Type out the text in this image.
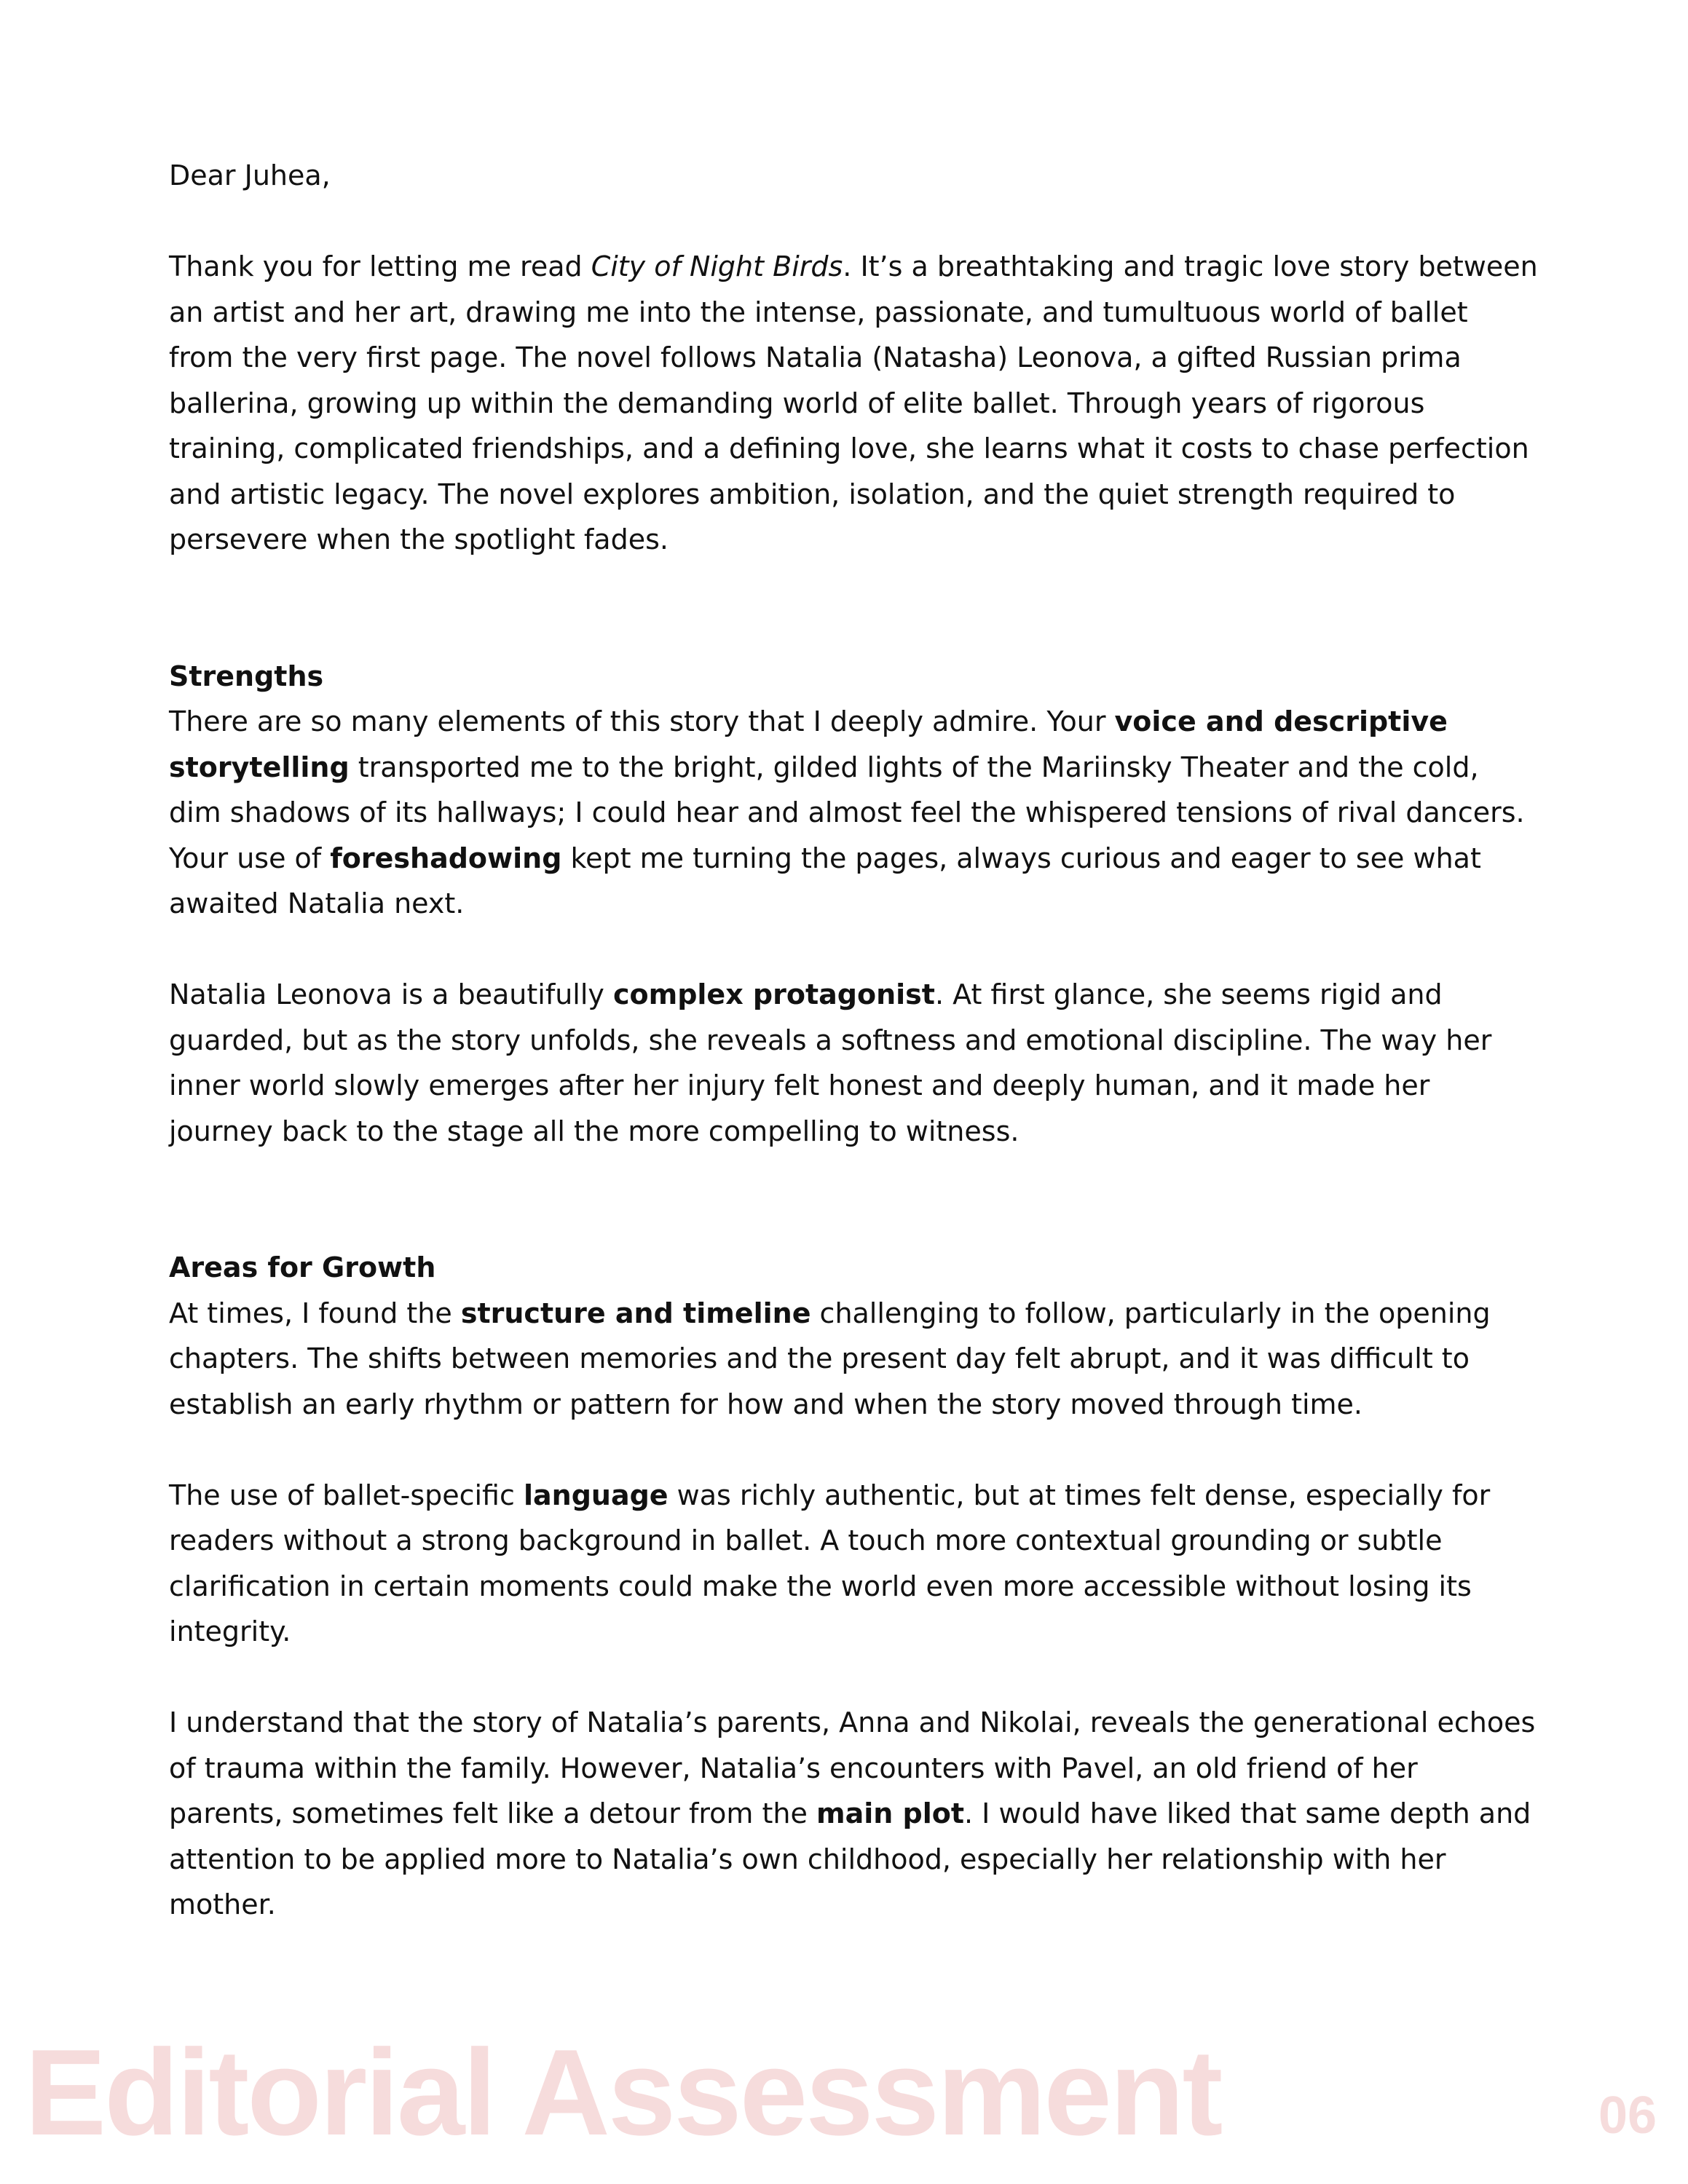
Dear Juhea,

Thank you for letting me read City of Night Birds. It’s a breathtaking and tragic love story between an artist and her art, drawing me into the intense, passionate, and tumultuous world of ballet from the very first page. The novel follows Natalia (Natasha) Leonova, a gifted Russian prima ballerina, growing up within the demanding world of elite ballet. Through years of rigorous training, complicated friendships, and a defining love, she learns what it costs to chase perfection and artistic legacy. The novel explores ambition, isolation, and the quiet strength required to persevere when the spotlight fades.

Strengths

There are so many elements of this story that I deeply admire. Your voice and descriptive storytelling transported me to the bright, gilded lights of the Mariinsky Theater and the cold, dim shadows of its hallways; I could hear and almost feel the whispered tensions of rival dancers. Your use of foreshadowing kept me turning the pages, always curious and eager to see what awaited Natalia next.

Natalia Leonova is a beautifully complex protagonist. At first glance, she seems rigid and guarded, but as the story unfolds, she reveals a softness and emotional discipline. The way her inner world slowly emerges after her injury felt honest and deeply human, and it made her journey back to the stage all the more compelling to witness.

Areas for Growth

At times, I found the structure and timeline challenging to follow, particularly in the opening chapters. The shifts between memories and the present day felt abrupt, and it was difficult to establish an early rhythm or pattern for how and when the story moved through time.

The use of ballet-specific language was richly authentic, but at times felt dense, especially for readers without a strong background in ballet. A touch more contextual grounding or subtle clarification in certain moments could make the world even more accessible without losing its integrity.

I understand that the story of Natalia’s parents, Anna and Nikolai, reveals the generational echoes of trauma within the family. However, Natalia’s encounters with Pavel, an old friend of her parents, sometimes felt like a detour from the main plot. I would have liked that same depth and attention to be applied more to Natalia’s own childhood, especially her relationship with her mother.

Editorial Assessment	06
